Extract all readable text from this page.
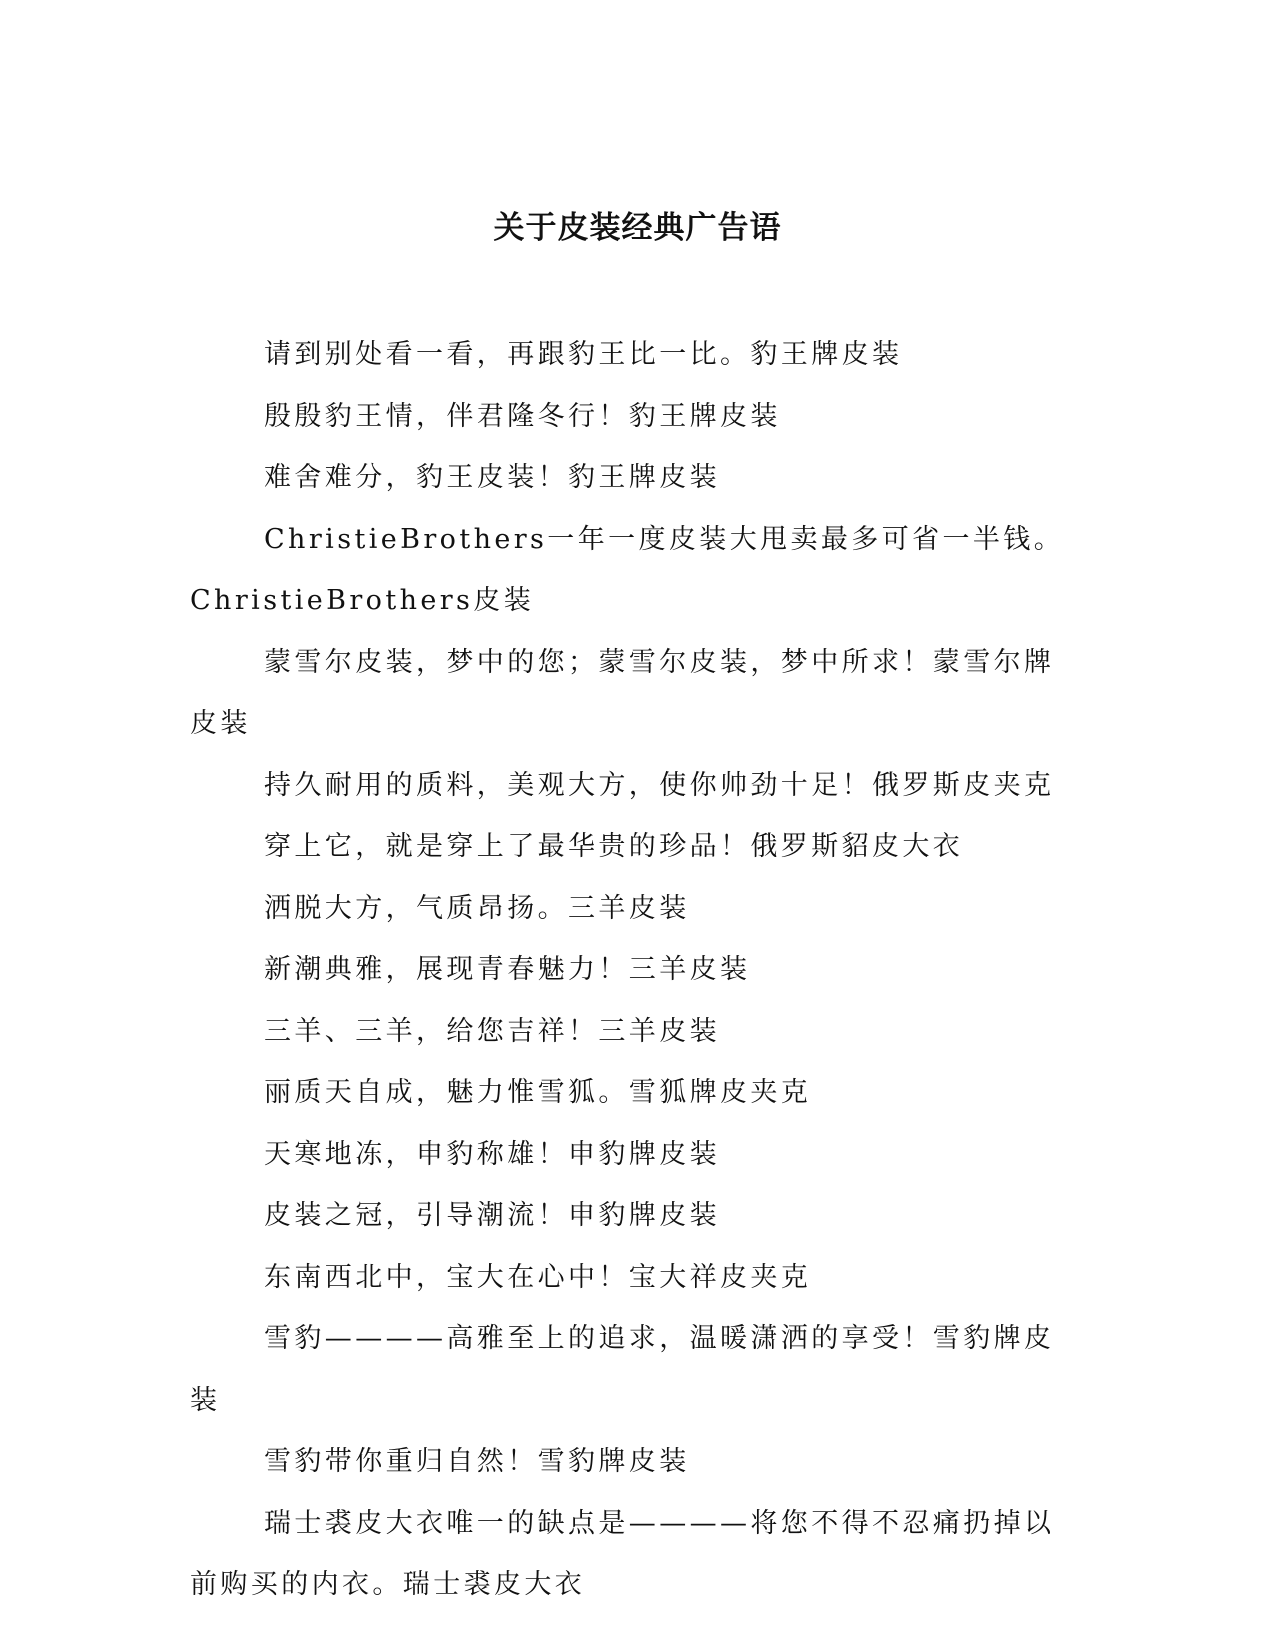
关于皮装经典广告语

请到别处看一看，再跟豹王比一比。豹王牌皮装

殷殷豹王情，伴君隆冬行！豹王牌皮装

难舍难分，豹王皮装！豹王牌皮装

ChristieBrothers一年一度皮装大甩卖最多可省一半钱。ChristieBrothers皮装

蒙雪尔皮装，梦中的您；蒙雪尔皮装，梦中所求！蒙雪尔牌皮装

持久耐用的质料，美观大方，使你帅劲十足！俄罗斯皮夹克

穿上它，就是穿上了最华贵的珍品！俄罗斯貂皮大衣

洒脱大方，气质昂扬。三羊皮装

新潮典雅，展现青春魅力！三羊皮装

三羊、三羊，给您吉祥！三羊皮装

丽质天自成，魅力惟雪狐。雪狐牌皮夹克

天寒地冻，申豹称雄！申豹牌皮装

皮装之冠，引导潮流！申豹牌皮装

东南西北中，宝大在心中！宝大祥皮夹克

雪豹————高雅至上的追求，温暖潇洒的享受！雪豹牌皮装

雪豹带你重归自然！雪豹牌皮装

瑞士裘皮大衣唯一的缺点是————将您不得不忍痛扔掉以前购买的内衣。瑞士裘皮大衣
